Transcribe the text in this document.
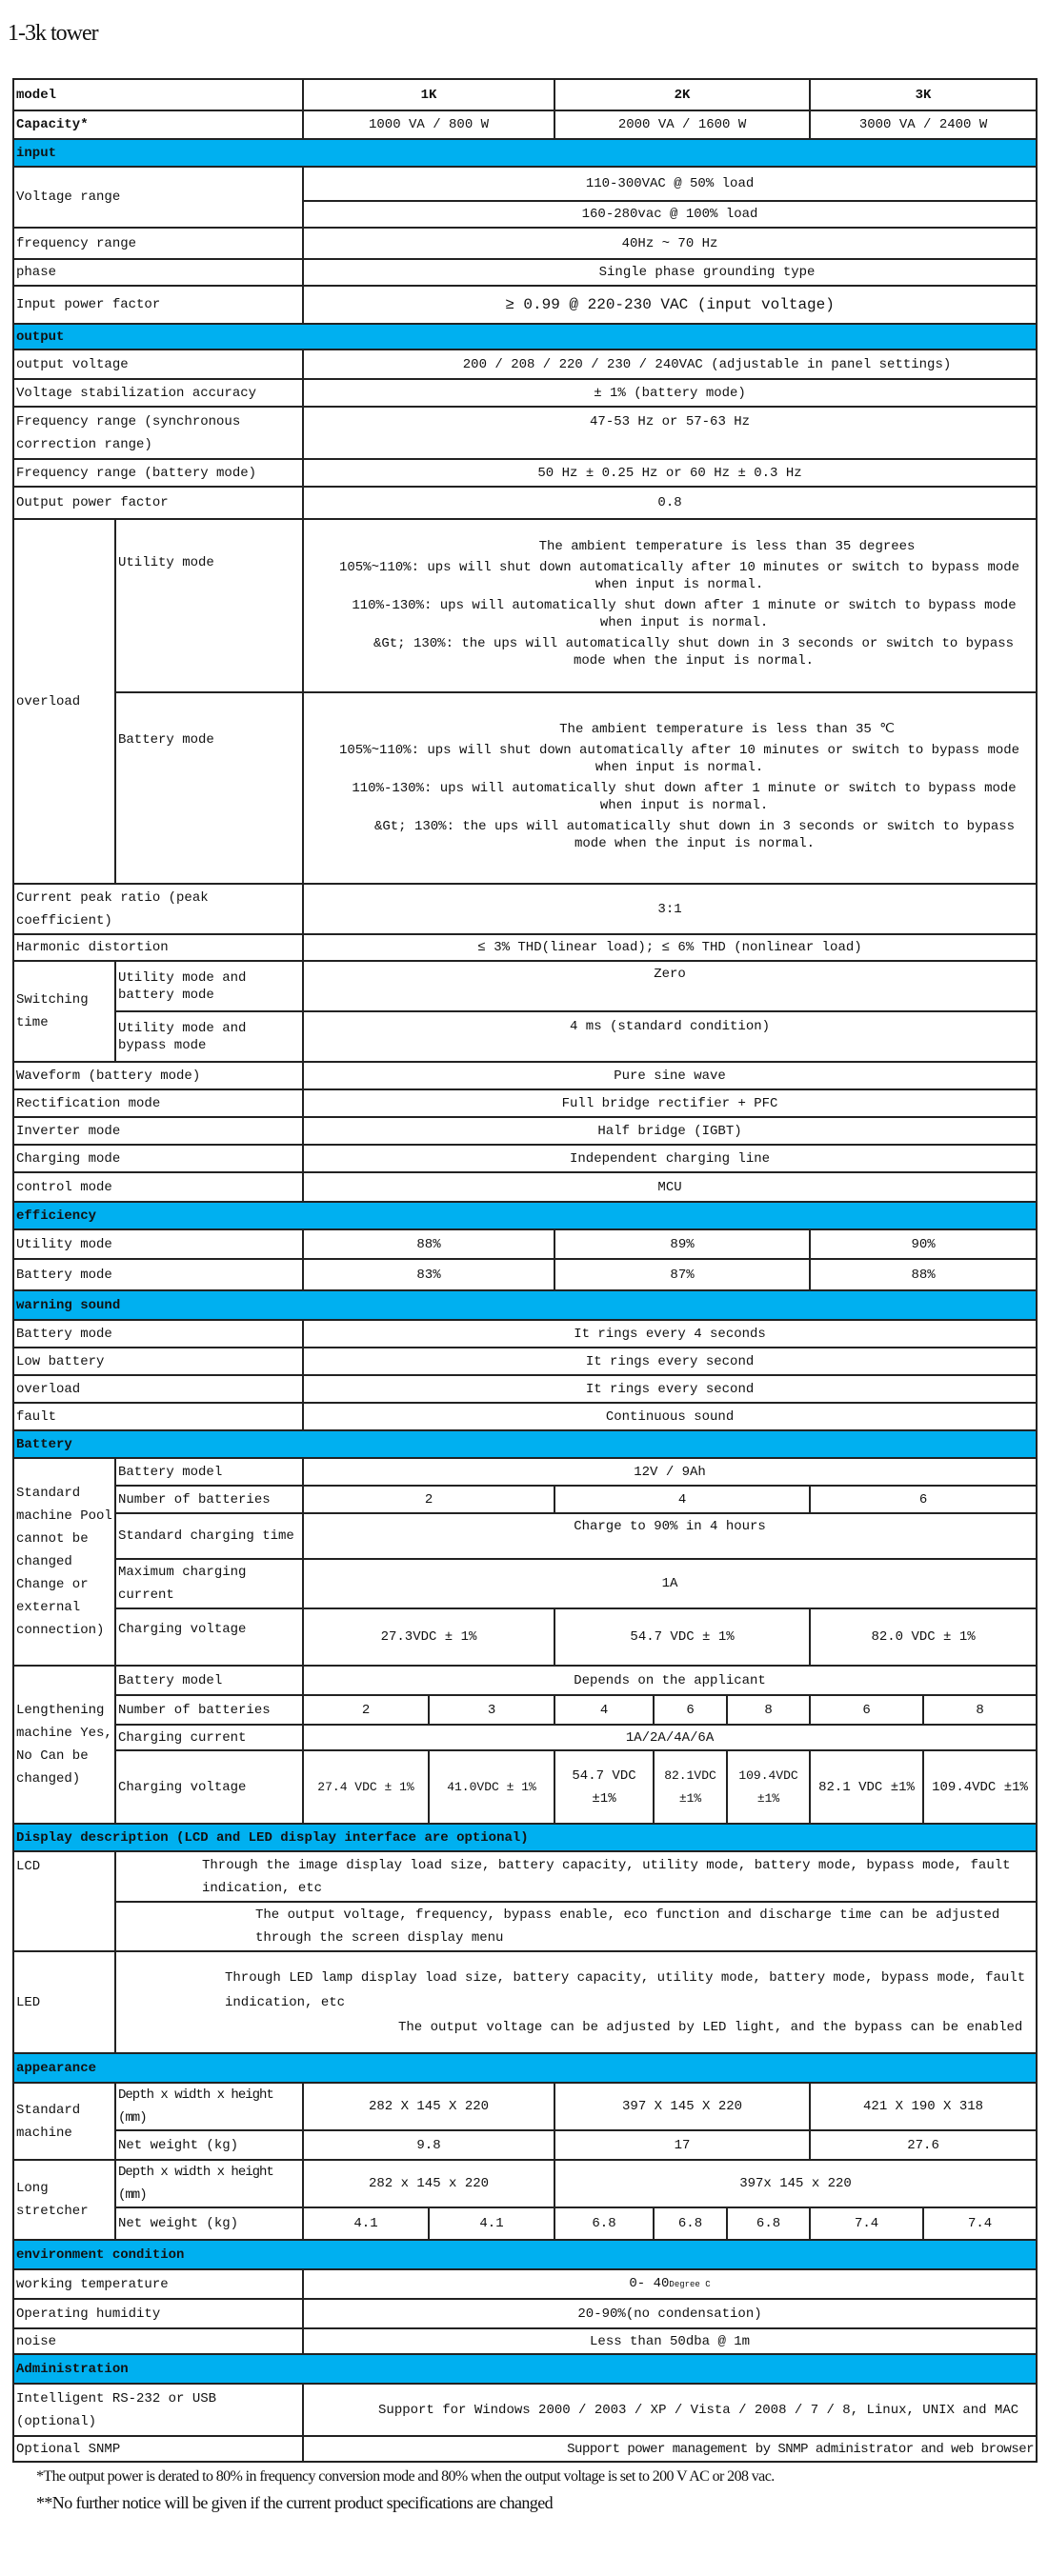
1-3k tower
model		1K		2K			3K	
Capacity*		1000 VA / 800 W		2000 VA / 1600 W			3000 VA / 2400 W	
input								
Voltage range		110-300VAC @ 50% load						
		160-280vac @ 100% load						
frequency range		40Hz ~ 70 Hz						
phase		Single phase grounding type						
Input power factor		≥ 0.99 @ 220-230 VAC (input voltage)						
output								
output voltage		200 / 208 / 220 / 230 / 240VAC (adjustable in panel settings)						
Voltage stabilization accuracy		± 1% (battery mode)						
Frequency range (synchronous correction range)		47-53 Hz or 57-63 Hz						
Frequency range (battery mode)		50 Hz ± 0.25 Hz or 60 Hz ± 0.3 Hz						
Output power factor		0.8						
overload	Utility mode	The ambient temperature is less than 35 degrees

105%~110%: ups will shut down automatically after 10 minutes or switch to bypass mode when input is normal.

110%-130%: ups will automatically shut down after 1 minute or switch to bypass mode when input is normal.

&Gt; 130%: the ups will automatically shut down in 3 seconds or switch to bypass mode when the input is normal.						

	Battery mode	The ambient temperature is less than 35 ℃

105%~110%: ups will shut down automatically after 10 minutes or switch to bypass mode when input is normal.

110%-130%: ups will automatically shut down after 1 minute or switch to bypass mode when input is normal.

&Gt; 130%: the ups will automatically shut down in 3 seconds or switch to bypass mode when the input is normal.						

Current peak ratio (peak coefficient)		3:1						
Harmonic distortion		≤ 3% THD(linear load); ≤ 6% THD (nonlinear load)						
Switching time	Utility mode and battery mode	Zero						
	Utility mode and bypass mode	4 ms (standard condition)						
Waveform (battery mode)		Pure sine wave						
Rectification mode		Full bridge rectifier + PFC						
Inverter mode		Half bridge (IGBT)						
Charging mode		Independent charging line						
control mode		MCU						
efficiency								
Utility mode		88%		89%			90%	
Battery mode		83%		87%			88%	
warning sound								
Battery mode		It rings every 4 seconds						
Low battery		It rings every second						
overload		It rings every second						
fault		Continuous sound						
Battery								
Standard machine Pool cannot be changed Change or external connection)	Battery model	12V / 9Ah						
	Number of batteries	2		4			6	
	Standard charging time	Charge to 90% in 4 hours						
	Maximum charging current	1A						
	Charging voltage	27.3VDC ± 1%		54.7 VDC ± 1%			82.0 VDC ± 1%	
Lengthening machine Yes, No Can be changed)	Battery model	Depends on the applicant						
	Number of batteries	2	3	4	6	8	6	8
	Charging current	1A/2A/4A/6A						
	Charging voltage	27.4 VDC ± 1%	41.0VDC ± 1%	54.7 VDC ±1%	82.1VDC ±1%	109.4VDC ±1%	82.1 VDC ±1%	109.4VDC ±1%
Display description (LCD and LED display interface are optional)								
LCD	Through the image display load size, battery capacity, utility mode, battery mode, bypass mode, fault indication, etc							
	The output voltage, frequency, bypass enable, eco function and discharge time can be adjusted through the screen display menu							
LED	Through LED lamp display load size, battery capacity, utility mode, battery mode, bypass mode, fault indication, etc
The output voltage can be adjusted by LED light, and the bypass can be enabled							

appearance								
Standard machine	Depth x width x height (mm)	282 X 145 X 220		397 X 145 X 220			421 X 190 X 318	
	Net weight (kg)	9.8		17			27.6	
Long stretcher	Depth x width x height (mm)	282 x 145 x 220		397x 145 x 220				
	Net weight (kg)	4.1	4.1	6.8	6.8	6.8	7.4	7.4
environment condition								
working temperature		0- 40Degree C						
Operating humidity		20-90%(no condensation)						
noise		Less than 50dba @ 1m						
Administration								
Intelligent RS-232 or USB (optional)		Support for Windows 2000 / 2003 / XP / Vista / 2008 / 7 / 8, Linux, UNIX and MAC						
Optional SNMP		Support power management by SNMP administrator and web browser						
*The output power is derated to 80% in frequency conversion mode and 80% when the output voltage is set to 200 V AC or 208 vac.
**No further notice will be given if the current product specifications are changed
